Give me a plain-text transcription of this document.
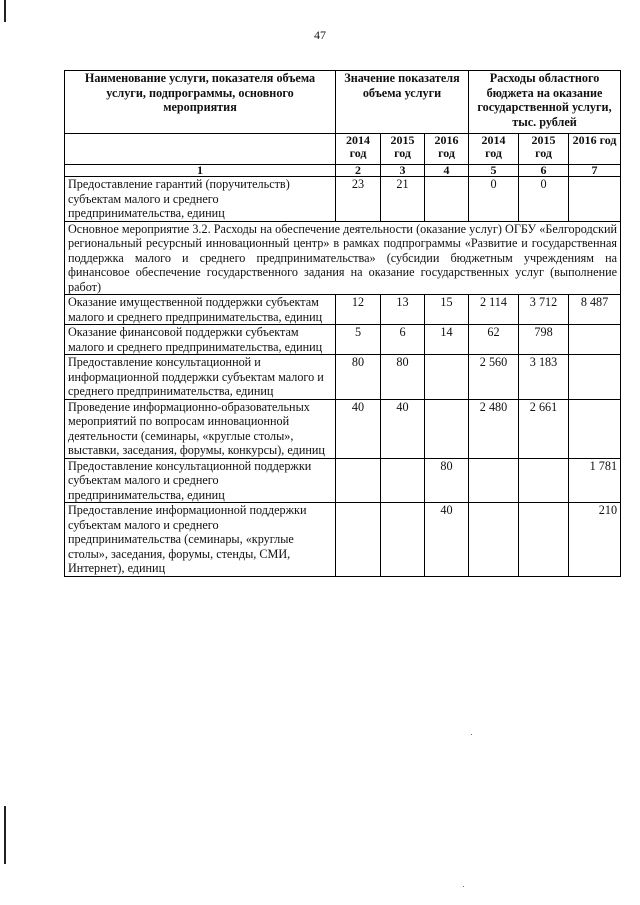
47
Наименование услуги, показателя объема услуги, подпрограммы, основного мероприятия	Значение показателя объема услуги			Расходы областного бюджета на оказание государственной услуги, тыс. рублей		
	2014 год	2015 год	2016 год	2014 год	2015 год	2016 год
1	2	3	4	5	6	7
Предоставление гарантий (поручительств) субъектам малого и среднего предпринимательства, единиц	23	21		0	0	
Основное мероприятие 3.2. Расходы на обеспечение деятельности (оказание услуг) ОГБУ «Белгородский региональный ресурсный инновационный центр» в рамках подпрограммы «Развитие и государственная поддержка малого и среднего предпринимательства» (субсидии бюджетным учреждениям на финансовое обеспечение государственного задания на оказание государственных услуг (выполнение работ)						
Оказание имущественной поддержки субъектам малого и среднего предпринимательства, единиц	12	13	15	2 114	3 712	8 487
Оказание финансовой поддержки субъектам малого и среднего предпринимательства, единиц	5	6	14	62	798	
Предоставление консультационной и информационной поддержки субъектам малого и среднего предпринимательства, единиц	80	80		2 560	3 183	
Проведение информационно-образовательных мероприятий по вопросам инновационной деятельности (семинары, «круглые столы», выставки, заседания, форумы, конкурсы), единиц	40	40		2 480	2 661	
Предоставление консультационной поддержки субъектам малого и среднего предпринимательства, единиц			80			1 781
Предоставление информационной поддержки субъектам малого и среднего предпринимательства (семинары, «круглые столы», заседания, форумы, стенды, СМИ, Интернет), единиц			40			210
